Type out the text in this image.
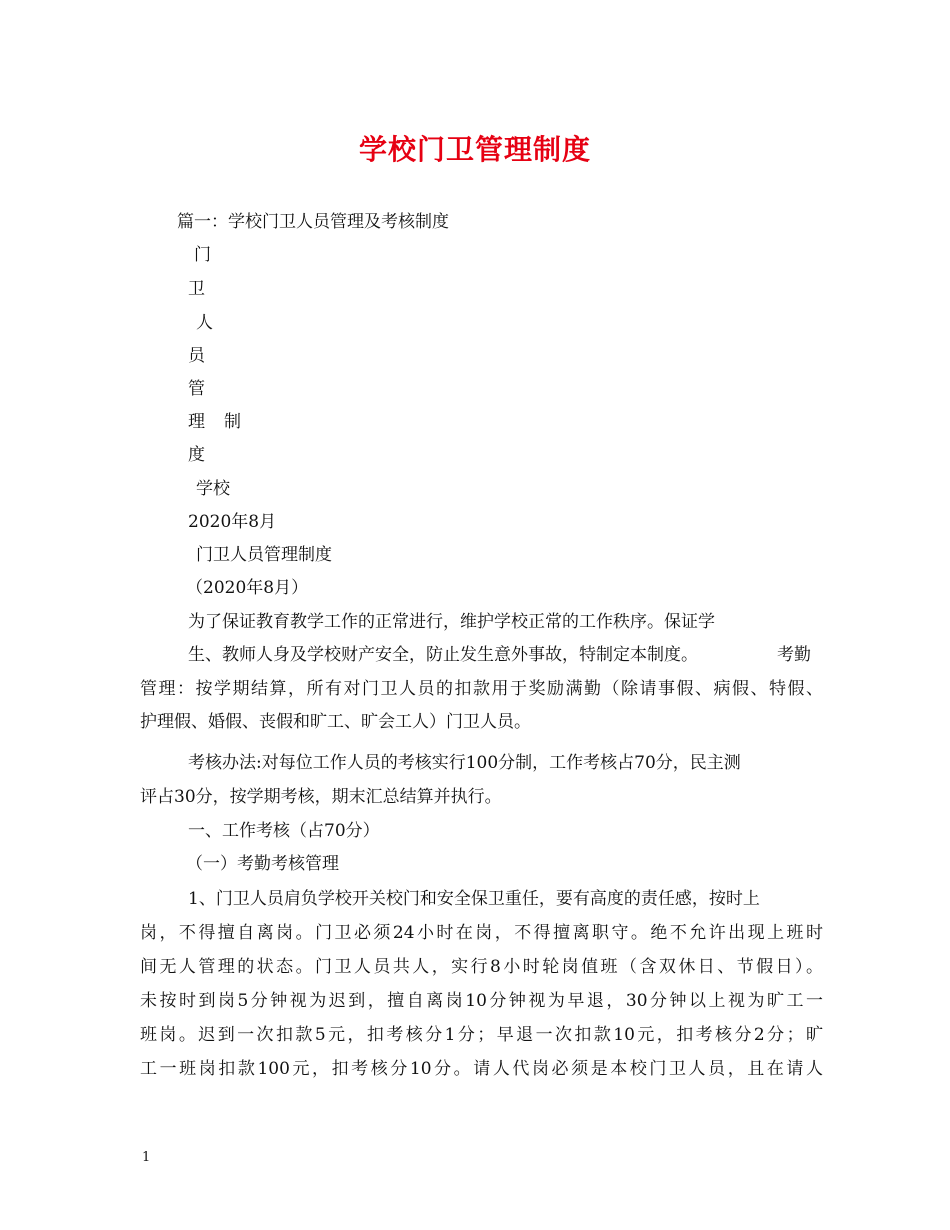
学校门卫管理制度
篇一：学校门卫人员管理及考核制度
门
卫
人
员
管
理 制
度
学校
2020年8月
门卫人员管理制度
（2020年8月）
为了保证教育教学工作的正常进行，维护学校正常的工作秩序。保证学
生、教师人身及学校财产安全，防止发生意外事故，特制定本制度。	考勤
管理：按学期结算，所有对门卫人员的扣款用于奖励满勤（除请事假、病假、特假、
护理假、婚假、丧假和旷工、旷会工人）门卫人员。
考核办法:对每位工作人员的考核实行100分制，工作考核占70分，民主测
评占30分，按学期考核，期末汇总结算并执行。
一、工作考核（占70分）
（一）考勤考核管理
1、门卫人员肩负学校开关校门和安全保卫重任，要有高度的责任感，按时上
岗，不得擅自离岗。门卫必须24小时在岗，不得擅离职守。绝不允许出现上班时
间无人管理的状态。门卫人员共人，实行8小时轮岗值班（含双休日、节假日）。
未按时到岗5分钟视为迟到，擅自离岗10分钟视为早退，30分钟以上视为旷工一
班岗。迟到一次扣款5元，扣考核分1分；早退一次扣款10元，扣考核分2分；旷
工一班岗扣款100元，扣考核分10分。请人代岗必须是本校门卫人员，且在请人
1
